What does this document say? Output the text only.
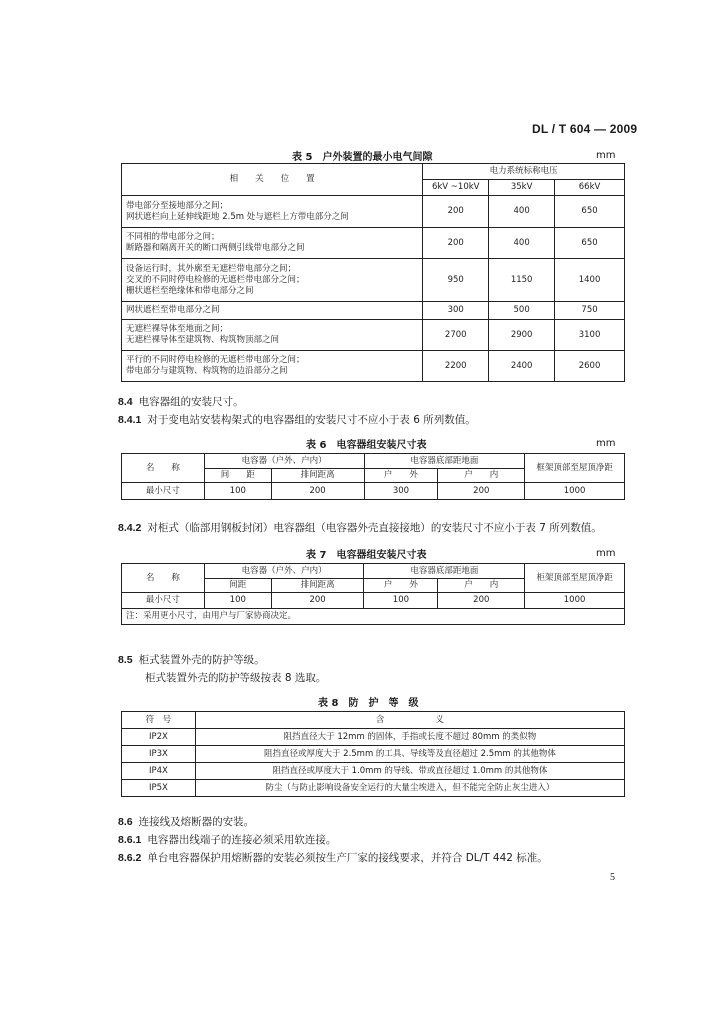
DL / T 604 — 2009
表 5　户外装置的最小电气间隙	mm
相　　关　　位　　置	电力系统标称电压		
	6kV ~10kV	35kV	66kV

带电部分至接地部分之间；
网状遮栏向上延伸线距地 2.5m 处与遮栏上方带电部分之间	200	400	650

不同相的带电部分之间；
断路器和隔离开关的断口两侧引线带电部分之间	200	400	650

设备运行时，其外廓至无遮栏带电部分之间；
交叉的不同时停电检修的无遮栏带电部分之间；
栅状遮栏至绝缘体和带电部分之间	950	1150	1400

网状遮栏至带电部分之间	300	500	750

无遮栏裸导体至地面之间；
无遮栏裸导体至建筑物、构筑物顶部之间	2700	2900	3100

平行的不同时停电检修的无遮栏带电部分之间；
带电部分与建筑物、构筑物的边沿部分之间	2200	2400	2600
8.4 电容器组的安装尺寸。
8.4.1 对于变电站安装构架式的电容器组的安装尺寸不应小于表 6 所列数值。
表 6　电容器组安装尺寸表	mm
名　　称	电容器（户外、户内）		电容器底部距地面		框架顶部至屋顶净距
	间　　距	排间距离	户　　外	户　　内	
最小尺寸	100	200	300	200	1000
8.4.2 对柜式（临部用钢板封闭）电容器组（电容器外壳直接接地）的安装尺寸不应小于表 7 所列数值。
表 7　电容器组安装尺寸表	mm
名　　称	电容器（户外、户内）		电容器底部距地面		柜架顶部至屋顶净距
	间距	排间距离	户　　外	户　　内	
最小尺寸	100	200	100	200	1000
注：采用更小尺寸，由用户与厂家协商决定。					
8.5 柜式装置外壳的防护等级。
柜式装置外壳的防护等级按表 8 选取。
表 8　防　护　等　级
符　号	含　　　　　　义
IP2X	阻挡直径大于 12mm 的固体，手指或长度不超过 80mm 的类似物
IP3X	阻挡直径或厚度大于 2.5mm 的工具、导线等及直径超过 2.5mm 的其他物体
IP4X	阻挡直径或厚度大于 1.0mm 的导线、带或直径超过 1.0mm 的其他物体
IP5X	防尘（与防止影响设备安全运行的大量尘埃进入，但不能完全防止灰尘进入）
8.6 连接线及熔断器的安装。
8.6.1 电容器出线端子的连接必须采用软连接。
8.6.2 单台电容器保护用熔断器的安装必须按生产厂家的接线要求，并符合 DL/T 442 标准。
5
